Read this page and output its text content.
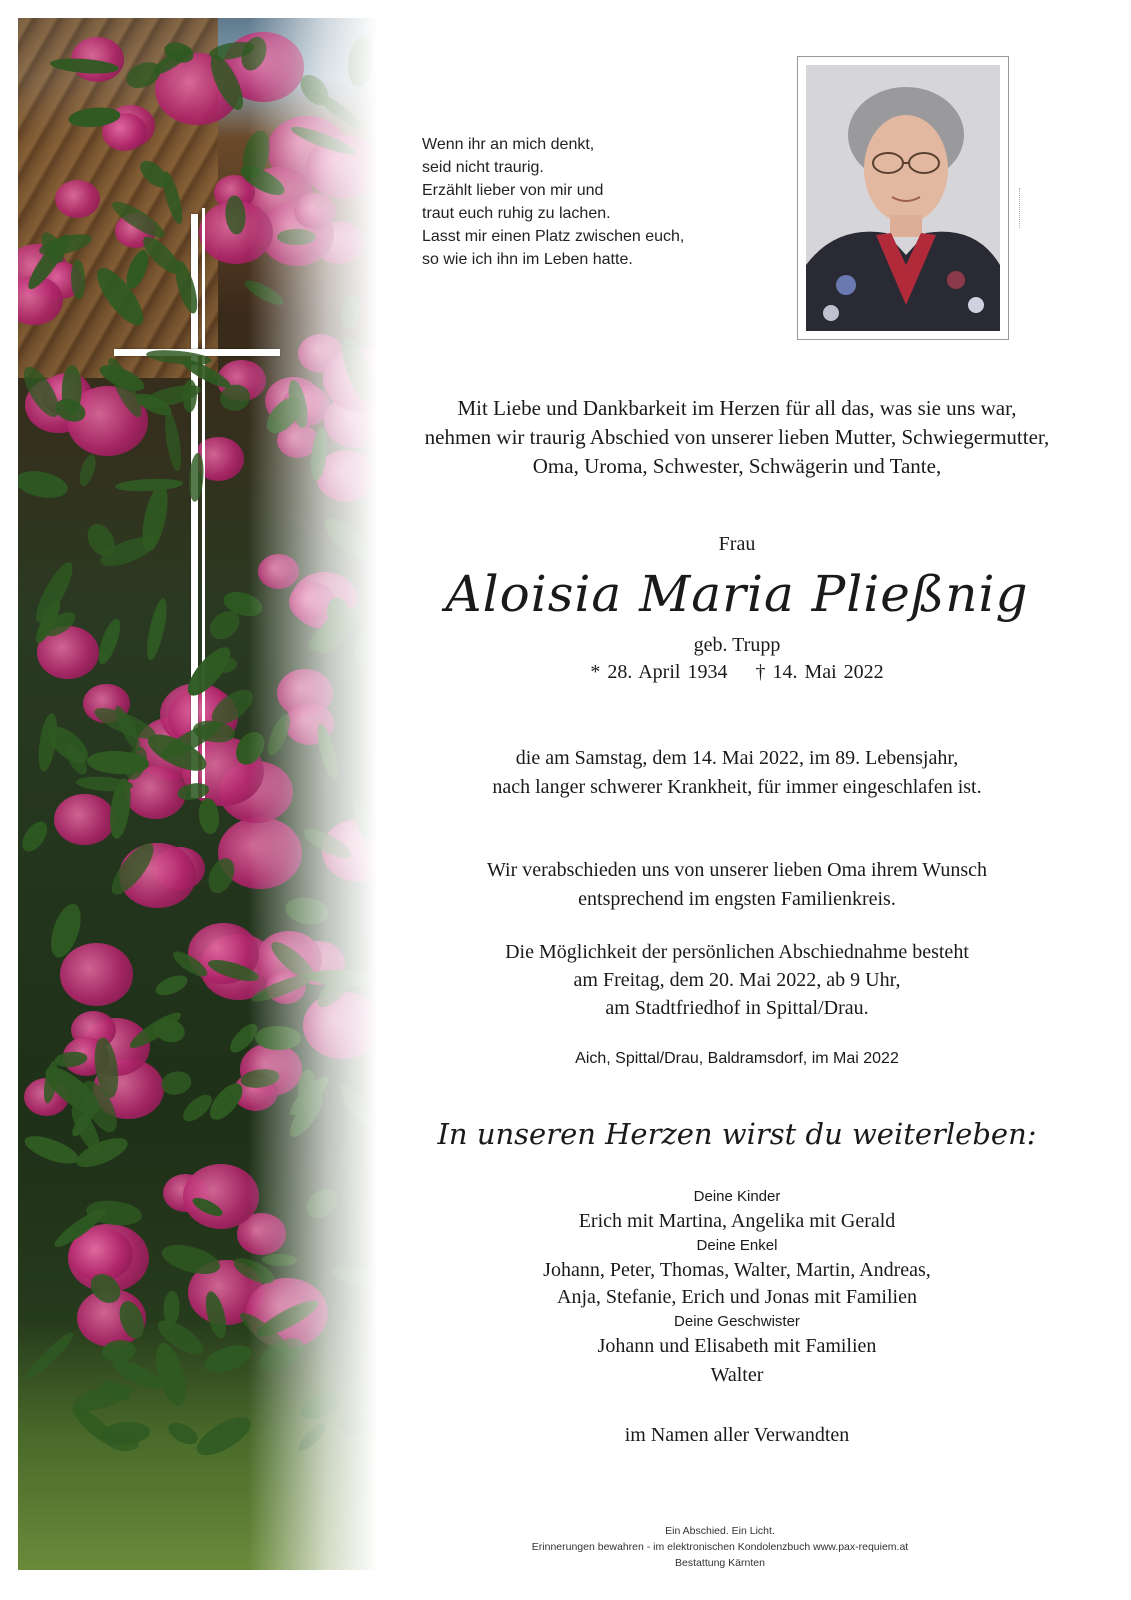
Wenn ihr an mich denkt,
seid nicht traurig.
Erzählt lieber von mir und
traut euch ruhig zu lachen.
Lasst mir einen Platz zwischen euch,
so wie ich ihn im Leben hatte.
Mit Liebe und Dankbarkeit im Herzen für all das, was sie uns war,
nehmen wir traurig Abschied von unserer lieben Mutter, Schwiegermutter,
Oma, Uroma, Schwester, Schwägerin und Tante,
Frau
Aloisia Maria Pließnig
geb. Trupp
* 28. April 1934 † 14. Mai 2022
die am Samstag, dem 14. Mai 2022, im 89. Lebensjahr,
nach langer schwerer Krankheit, für immer eingeschlafen ist.
Wir verabschieden uns von unserer lieben Oma ihrem Wunsch
entsprechend im engsten Familienkreis.
Die Möglichkeit der persönlichen Abschiednahme besteht
am Freitag, dem 20. Mai 2022, ab 9 Uhr,
am Stadtfriedhof in Spittal/Drau.
Aich, Spittal/Drau, Baldramsdorf, im Mai 2022
In unseren Herzen wirst du weiterleben:
Deine Kinder
Erich mit Martina, Angelika mit Gerald
Deine Enkel
Johann, Peter, Thomas, Walter, Martin, Andreas,
Anja, Stefanie, Erich und Jonas mit Familien
Deine Geschwister
Johann und Elisabeth mit Familien
Walter
im Namen aller Verwandten
Ein Abschied. Ein Licht.
Erinnerungen bewahren - im elektronischen Kondolenzbuch www.pax-requiem.at
Bestattung Kärnten
